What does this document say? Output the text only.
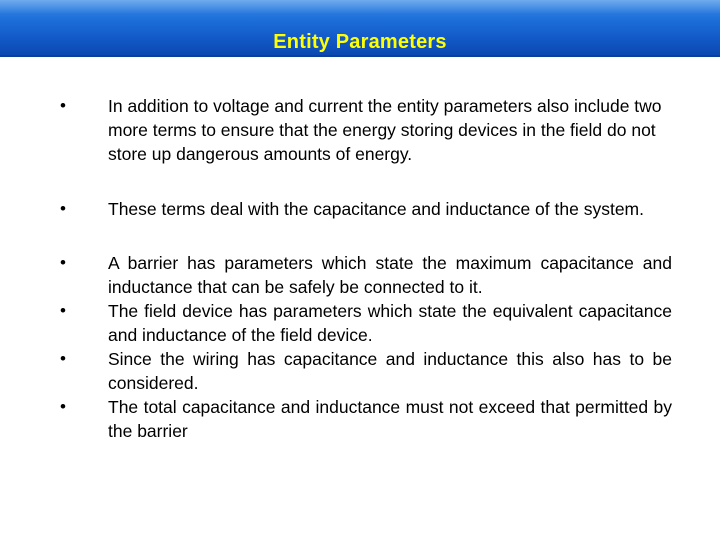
Entity Parameters
• In addition to voltage and current the entity parameters also include two more terms to ensure that the energy storing devices in the field do not store up dangerous amounts of energy.

• These terms deal with the capacitance and inductance of the system.

• A barrier has parameters which state the maximum capacitance and inductance that can be safely be connected to it.

• The field device has parameters which state the equivalent capacitance and inductance of the field device.

• Since the wiring has capacitance and inductance this also has to be considered.

• The total capacitance and inductance must not exceed that permitted by the barrier
